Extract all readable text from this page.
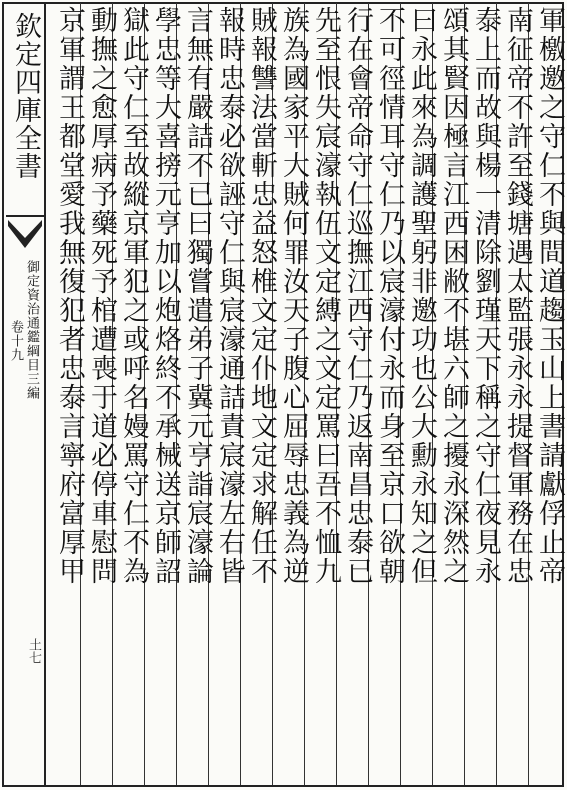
欽定四庫全書
御定資治通鑑綱目三編
卷十九
土七
軍檄邀之守仁不與間道趨玉山上書請獻俘止帝
南征帝不許至錢塘遇太監張永永提督軍務在忠
泰上而故與楊一清除劉瑾天下稱之守仁夜見永
頌其賢因極言江西困敝不堪六師之擾永深然之
曰永此來為調護聖躬非邀功也公大勳永知之但
不可徑情耳守仁乃以宸濠付永而身至京口欲朝
行在會帝命守仁巡撫江西守仁乃返南昌忠泰已
先至恨失宸濠執伍文定縛之文定罵曰吾不恤九
族為國家平大賊何罪汝天子腹心屈辱忠義為逆
賊報讐法當斬忠益怒椎文定仆地文定求解任不
報時忠泰必欲誣守仁與宸濠通詰責宸濠左右皆
言無有嚴詰不已曰獨嘗遣弟子冀元亨詣宸濠論
學忠等大喜搒元亨加以炮烙終不承械送京師詔
獄此守仁至故縱京軍犯之或呼名嫚罵守仁不為
動撫之愈厚病予藥死予棺遭喪于道必停車慰問
京軍謂王都堂愛我無復犯者忠泰言寧府富厚甲
